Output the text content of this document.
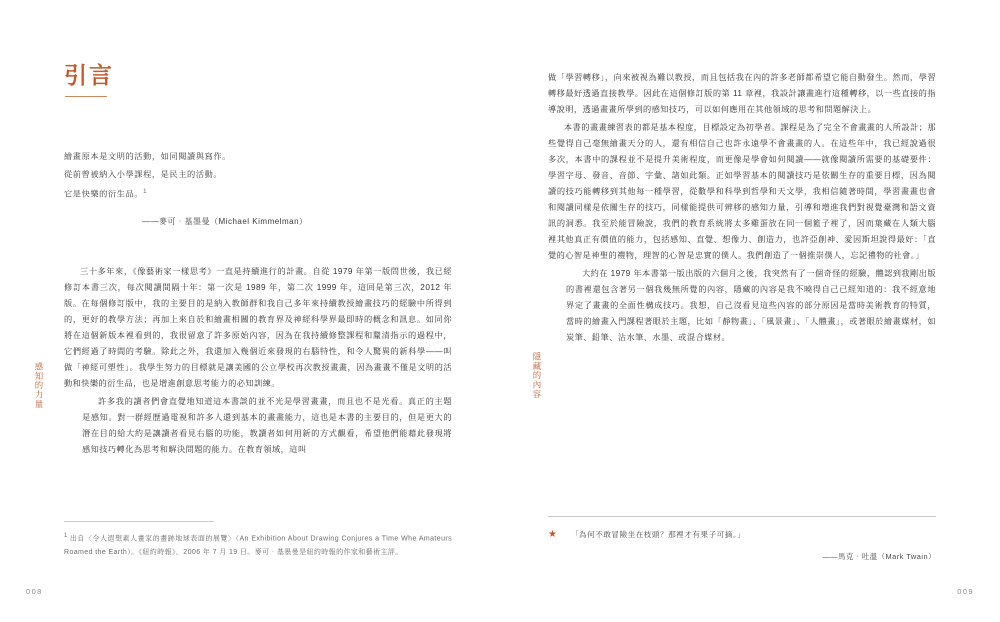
引言

繪畫原本是文明的活動，如同閱讀與寫作。

從前曾被納入小學課程，是民主的活動。

它是快樂的衍生品。$^1$

——麥可‧基墨曼（Michael Kimmelman）

三十多年來，《像藝術家一樣思考》一直是持續進行的計畫。自從 1979 年第一版問世後，我已經修訂本書三次，每次閱讀間隔十年：第一次是 1989 年，第二次 1999 年，這回是第三次，2012 年版。在每個修訂版中，我的主要目的是納入教師群和我自己多年來持續教授繪畫技巧的經驗中所得到的，更好的教學方法；再加上來自於和繪畫相關的教育界及神經科學界最即時的概念和訊息。如同你將在這個新版本裡看到的，我很留意了許多原始內容，因為在我持續修整課程和釐清指示的過程中，它們經過了時間的考驗。除此之外，我還加入幾個近來發現的右腦特性，和令人驚異的新科學——叫做「神經可塑性」。我學生努力的目標就是讓美國的公立學校再次教授畫畫，因為畫畫不僅是文明的活動和快樂的衍生品，也是增進創意思考能力的必知訓練。

許多我的讀者們會直覺地知道這本書談的並不光是學習畫畫，而且也不是光看。真正的主題是感知。對一群經歷過電視和許多人還到基本的畫畫能力，這也是本書的主要目的，但是更大的潛在目的給大約是讓讀者看見右腦的功能，教讀者如何用新的方式觀看，希望他們能藉此發現將感知技巧轉化為思考和解決問題的能力。在教育領域，這叫

感知的力量
1 出自〈令人遐想素人畫家的畫跡地球表面的展覽〉（An Exhibition About Drawing Conjures a Time Whe Amateurs Roamed the Earth）。《紐約時報》，2006 年 7 月 19 日。麥可‧基墨曼是紐約時報的作家和藝術主評。
008

做「學習轉移」，向來被視為難以教授，而且包括我在內的許多老師都希望它能自動發生。然而，學習轉移最好透過直接教學。因此在這個修訂版的第 11 章裡，我設計讓畫進行這種轉移，以一些直接的指導說明，透過畫畫所學到的感知技巧，可以如何應用在其他領域的思考和問題解決上。

本書的畫畫練習表的都是基本程度，目標設定為初學者。課程是為了完全不會畫畫的人所設計；那些覺得自己毫無繪畫天分的人，還有相信自己也許永遠學不會畫畫的人。在這些年中，我已經說過很多次，本書中的課程並不是提升美術程度，而更像是學會如何閱讀——就像閱讀所需要的基礎要件：學習字母、發音、音節、字彙、諸如此類。正如學習基本的閱讀技巧是依關生存的重要目標，因為閱讀的技巧能轉移到其他每一種學習，從數學和科學到哲學和天文學，我相信隨著時間，學習畫畫也會和閱讀同樣是依關生存的技巧，同樣能提供可辨移的感知力量，引導和增進我們對視覺臺灣和語文資訊的洞悉。我至於能冒險說，我們的教育系統將太多雞蛋放在同一個籃子裡了，因而葉藏在人類大腦裡其他真正有價值的能力，包括感知、直覺、想像力、創造力，也許亞創神、愛因斯坦說得最好：「直覺的心智是神聖的禮物，理智的心智是忠實的僕人。我們創造了一個推崇僕人，忘記禮物的社會。」

大約在 1979 年本書第一版出版的六個月之後，我突然有了一個奇怪的經驗，體認到我剛出版的書裡還包含著另一個我幾無所覺的內容，隱藏的內容是我不曉得自己已經知道的：我不經意地界定了畫畫的全面性構成技巧。我想，自己沒看見這些內容的部分原因是當時美術教育的特質，當時的繪畫入門課程著眼於主題，比如「靜物畫」、「風景畫」、「人體畫」，或著眼於繪畫媒材，如炭筆、鉛筆、沾水筆、水墨、或混合媒材。

隱藏的內容
★ 「為何不敢冒險坐在枝頭？那裡才有果子可摘。」
——馬克‧吐溫（Mark Twain）
009
